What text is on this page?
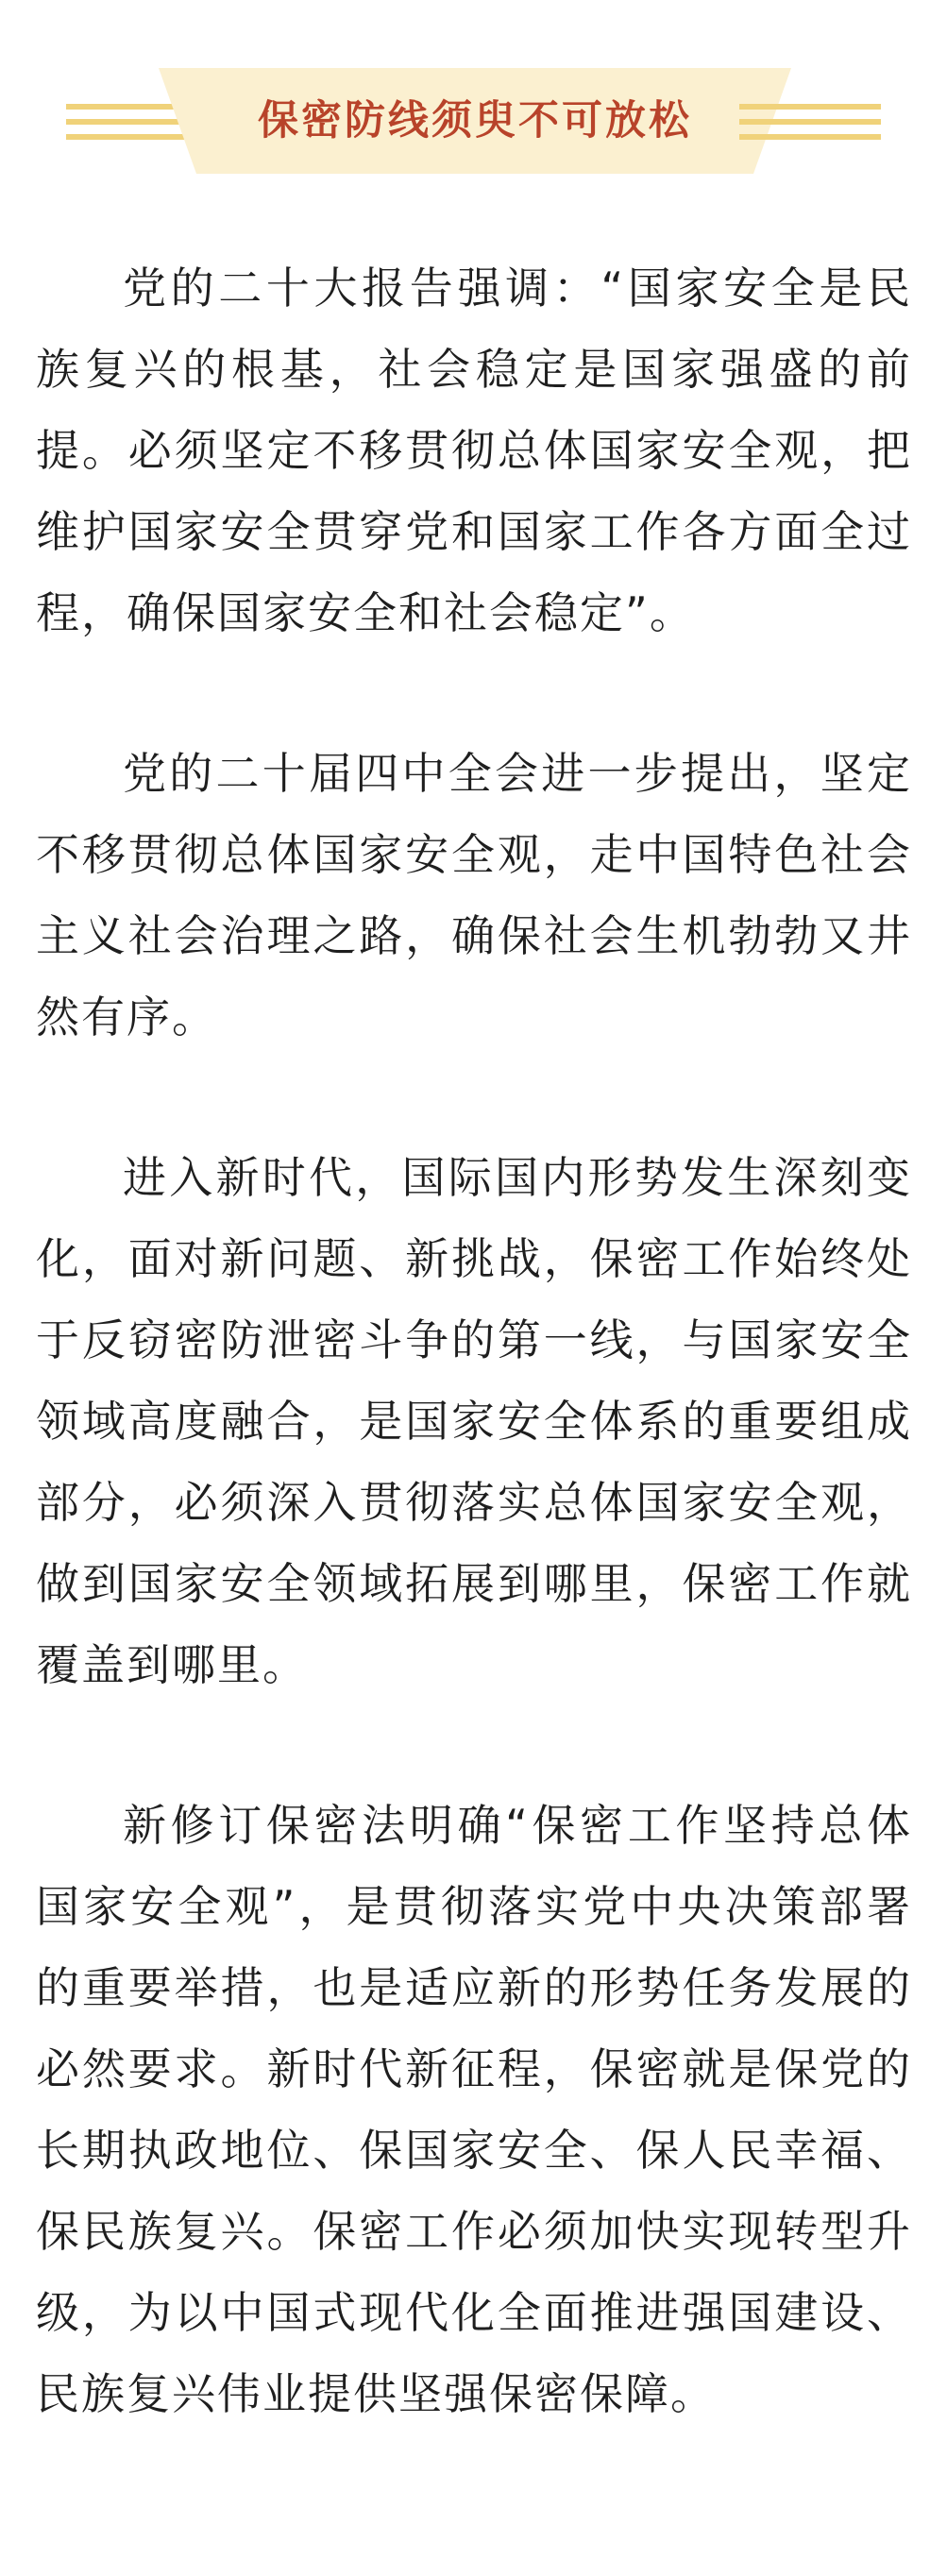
保密防线须臾不可放松

党的二十大报告强调：“国家安全是民族复兴的根基，社会稳定是国家强盛的前提。必须坚定不移贯彻总体国家安全观，把维护国家安全贯穿党和国家工作各方面全过程，确保国家安全和社会稳定”。

党的二十届四中全会进一步提出，坚定不移贯彻总体国家安全观，走中国特色社会主义社会治理之路，确保社会生机勃勃又井然有序。

进入新时代，国际国内形势发生深刻变化，面对新问题、新挑战，保密工作始终处于反窃密防泄密斗争的第一线，与国家安全领域高度融合，是国家安全体系的重要组成部分，必须深入贯彻落实总体国家安全观，做到国家安全领域拓展到哪里，保密工作就覆盖到哪里。

新修订保密法明确“保密工作坚持总体国家安全观”，是贯彻落实党中央决策部署的重要举措，也是适应新的形势任务发展的必然要求。新时代新征程，保密就是保党的长期执政地位、保国家安全、保人民幸福、保民族复兴。保密工作必须加快实现转型升级，为以中国式现代化全面推进强国建设、民族复兴伟业提供坚强保密保障。
